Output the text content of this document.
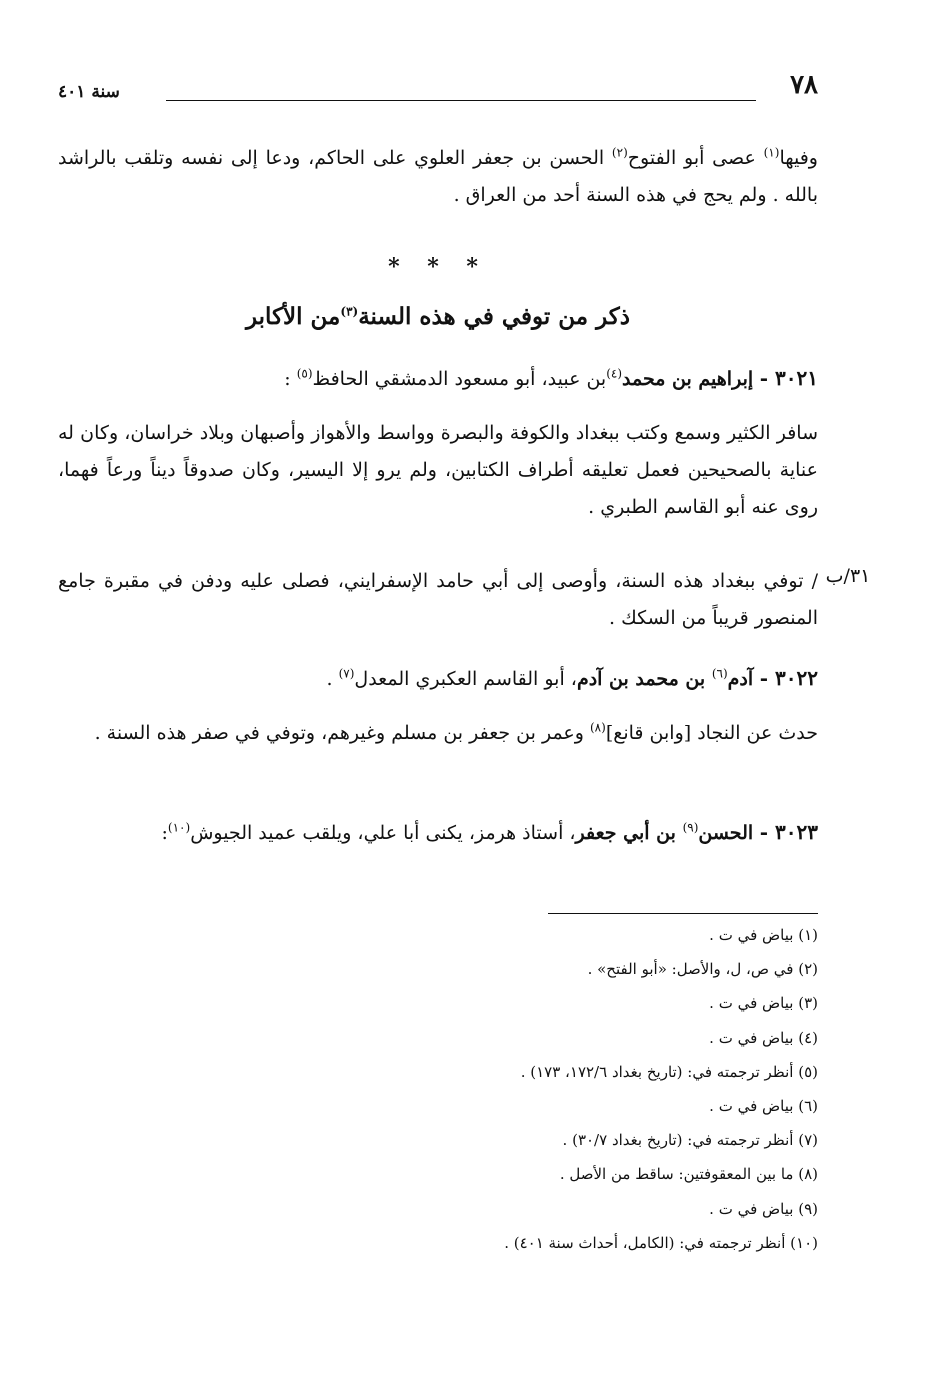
٧٨
سنة ٤٠١
٣١/ب

وفيها$^{(١)}$ عصى أبو الفتوح$^{(٢)}$ الحسن بن جعفر العلوي على الحاكم، ودعا إلى نفسه وتلقب بالراشد بالله . ولم يحج في هذه السنة أحد من العراق .

* * *
ذكر من توفي في هذه السنة$^{(٣)}$من الأكابر
٣٠٢١ - إبراهيم بن محمد$^{(٤)}$بن عبيد، أبو مسعود الدمشقي الحافظ$^{(٥)}$ :

سافر الكثير وسمع وكتب ببغداد والكوفة والبصرة وواسط والأهواز وأصبهان وبلاد خراسان، وكان له عناية بالصحيحين فعمل تعليقه أطراف الكتابين، ولم يرو إلا اليسير، وكان صدوقاً ديناً ورعاً فهما، روى عنه أبو القاسم الطبري .

/ توفي ببغداد هذه السنة، وأوصى إلى أبي حامد الإسفرايني، فصلى عليه ودفن في مقبرة جامع المنصور قريباً من السكك .

٣٠٢٢ - آدم$^{(٦)}$ بن محمد بن آدم، أبو القاسم العكبري المعدل$^{(٧)}$ .

حدث عن النجاد [وابن قانع]$^{(٨)}$ وعمر بن جعفر بن مسلم وغيرهم، وتوفي في صفر هذه السنة .

٣٠٢٣ - الحسن$^{(٩)}$ بن أبي جعفر، أستاذ هرمز، يكنى أبا علي، ويلقب عميد الجيوش$^{(١٠)}$:
(١) بياض في ت .
(٢) في ص، ل، والأصل: «أبو الفتح» .
(٣) بياض في ت .
(٤) بياض في ت .
(٥) أنظر ترجمته في: (تاريخ بغداد ١٧٢/٦، ١٧٣) .
(٦) بياض في ت .
(٧) أنظر ترجمته في: (تاريخ بغداد ٣٠/٧) .
(٨) ما بين المعقوفتين: ساقط من الأصل .
(٩) بياض في ت .
(١٠) أنظر ترجمته في: (الكامل، أحداث سنة ٤٠١) .
